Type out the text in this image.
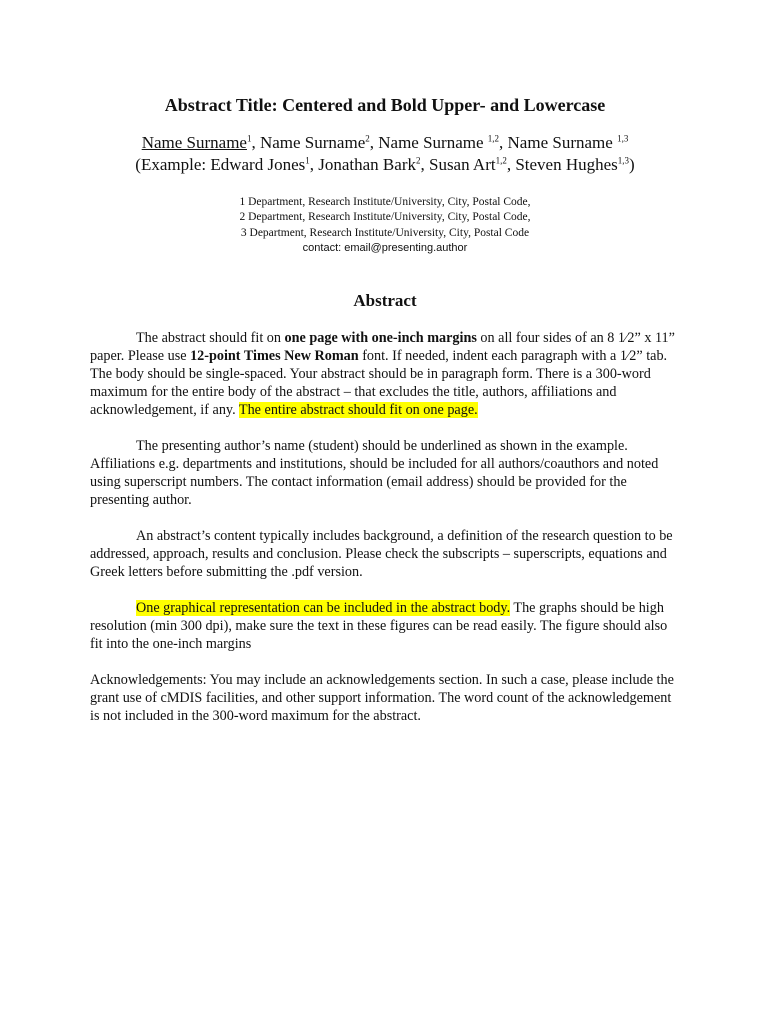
Abstract Title: Centered and Bold Upper- and Lowercase
Name Surname$^1$, Name Surname$^2$, Name Surname $^{1,2}$, Name Surname $^{1,3}$
(Example: Edward Jones$^1$, Jonathan Bark$^2$, Susan Art$^{1,2}$, Steven Hughes$^{1,3}$)
1 Department, Research Institute/University, City, Postal Code,
2 Department, Research Institute/University, City, Postal Code,
3 Department, Research Institute/University, City, Postal Code
contact: email@presenting.author
Abstract

The abstract should fit on one page with one-inch margins on all four sides of an 8 1⁄2” x 11” paper. Please use 12-point Times New Roman font. If needed, indent each paragraph with a 1⁄2” tab. The body should be single-spaced. Your abstract should be in paragraph form. There is a 300-word maximum for the entire body of the abstract – that excludes the title, authors, affiliations and acknowledgement, if any. The entire abstract should fit on one page.

The presenting author’s name (student) should be underlined as shown in the example. Affiliations e.g. departments and institutions, should be included for all authors/coauthors and noted using superscript numbers. The contact information (email address) should be provided for the presenting author.

An abstract’s content typically includes background, a definition of the research question to be addressed, approach, results and conclusion. Please check the subscripts – superscripts, equations and Greek letters before submitting the .pdf version.

One graphical representation can be included in the abstract body. The graphs should be high resolution (min 300 dpi), make sure the text in these figures can be read easily. The figure should also fit into the one-inch margins

Acknowledgements: You may include an acknowledgements section. In such a case, please include the grant use of cMDIS facilities, and other support information. The word count of the acknowledgement is not included in the 300-word maximum for the abstract.
